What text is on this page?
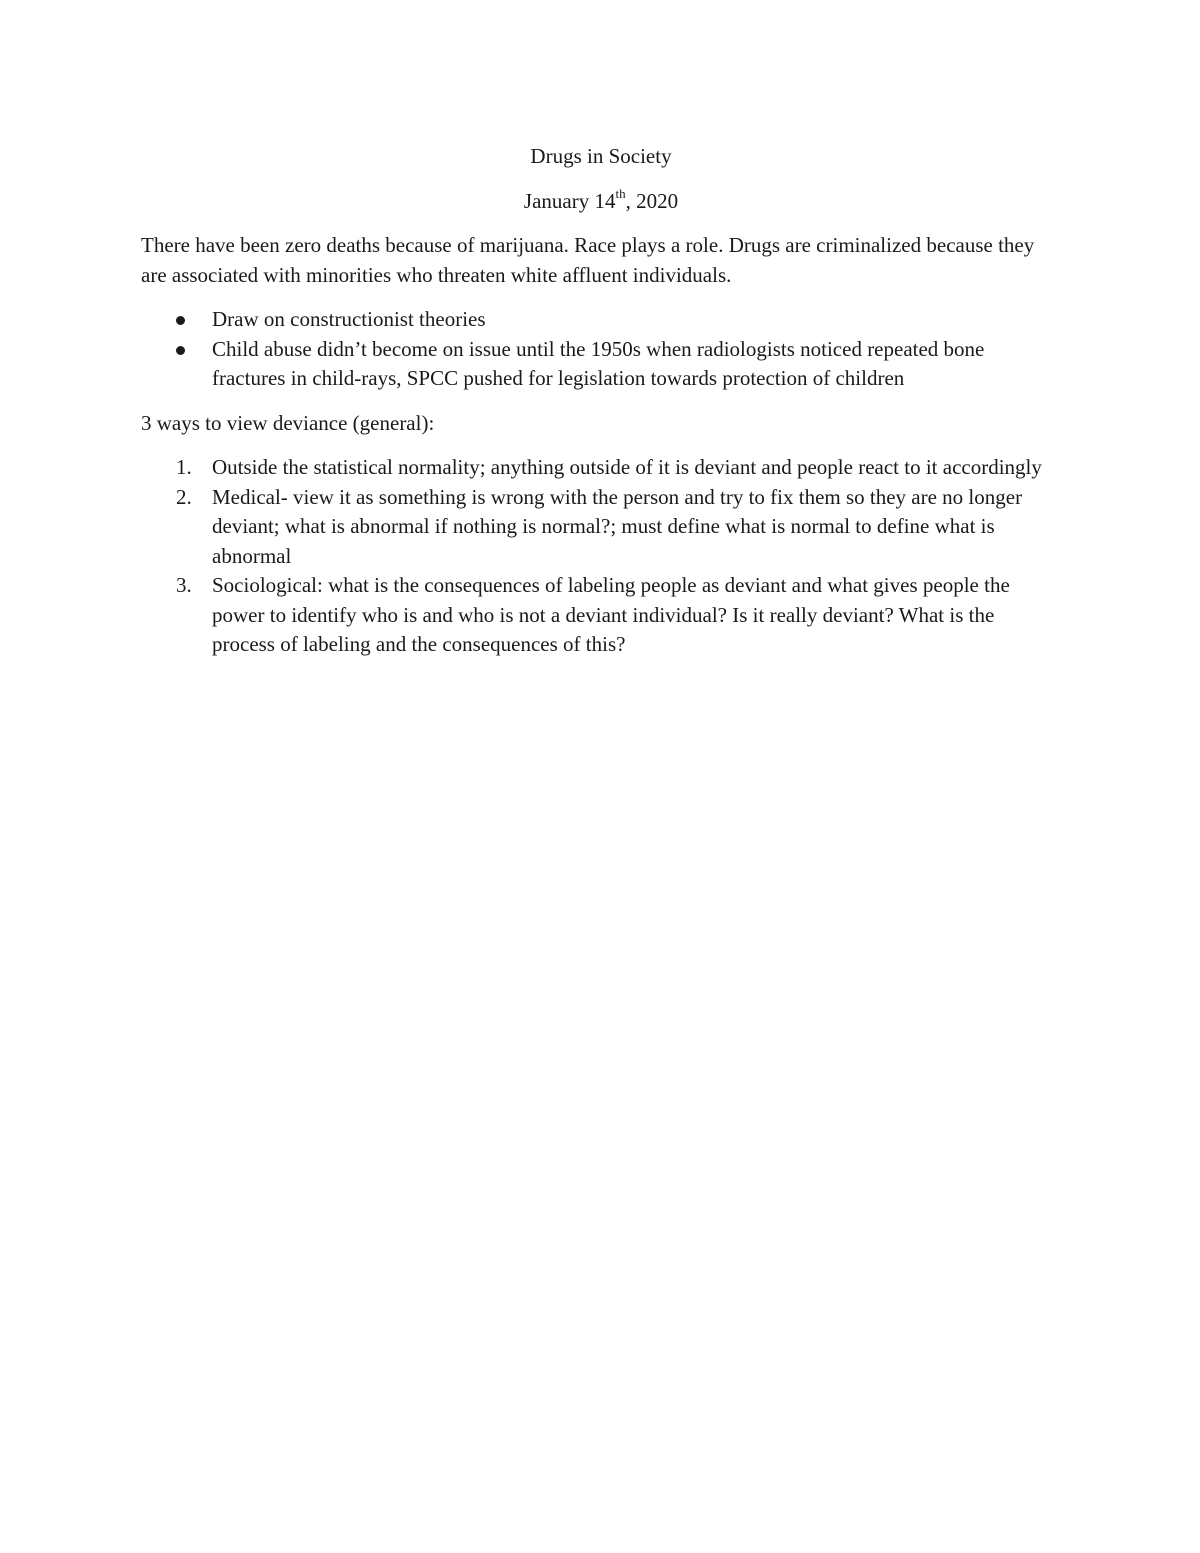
Drugs in Society

January 14th, 2020

There have been zero deaths because of marijuana. Race plays a role. Drugs are criminalized because they are associated with minorities who threaten white affluent individuals.

Draw on constructionist theories
Child abuse didn’t become on issue until the 1950s when radiologists noticed repeated bone fractures in child-rays, SPCC pushed for legislation towards protection of children

3 ways to view deviance (general):

1. Outside the statistical normality; anything outside of it is deviant and people react to it accordingly
2. Medical- view it as something is wrong with the person and try to fix them so they are no longer deviant; what is abnormal if nothing is normal?; must define what is normal to define what is abnormal
3. Sociological: what is the consequences of labeling people as deviant and what gives people the power to identify who is and who is not a deviant individual? Is it really deviant? What is the process of labeling and the consequences of this?
